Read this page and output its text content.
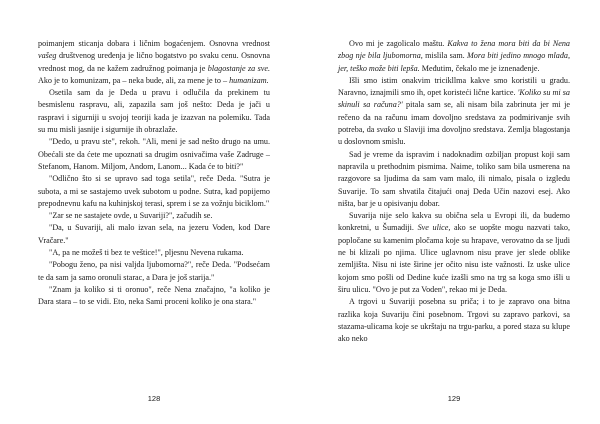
poimanjem sticanja dobara i ličnim bogaćenjem. Osnovna vrednost vašeg društvenog uređenja je lično bogatstvo po svaku cenu. Osnovna vrednost mog, da ne kažem zadružnog poimanja je blagostanje za sve. Ako je to komunizam, pa – neka bude, ali, za mene je to – humanizam.

Osetila sam da je Deda u pravu i odlučila da prekinem tu besmislenu raspravu, ali, zapazila sam još nešto: Deda je jači u raspravi i sigurniji u svojoj teoriji kada je izazvan na polemiku. Tada su mu misli jasnije i sigurnije ih obrazlaže.

"Dedo, u pravu ste", rekoh. "Ali, meni je sad nešto drugo na umu. Obećali ste da ćete me upoznati sa drugim osnivačima vaše Zadruge – Stefanom, Hanom. Miljom, Andom, Lanom... Kada će to biti?"

"Odlično što si se upravo sad toga setila", reče Deda. "Sutra je subota, a mi se sastajemo uvek subotom u podne. Sutra, kad popijemo prepodnevnu kafu na kuhinjskoj terasi, sprem i se za vožnju biciklom."

"Zar se ne sastajete ovde, u Suvariji?", začudih se.

"Da, u Suvariji, ali malo izvan sela, na jezeru Voden, kod Dare Vračare."

"A, pa ne možeš ti bez te veštice!", pljesnu Nevena rukama.

"Pobogu ženo, pa nisi valjda ljubomorna?", reče Deda. "Podsećam te da sam ja samo oronuli starac, a Dara je još starija."

"Znam ja koliko si ti oronuo", reče Nena značajno, "a koliko je Dara stara – to se vidi. Eto, neka Sami proceni koliko je ona stara."

128

Ovo mi je zagolicalo maštu. Kakva to žena mora biti da bi Nena zbog nje bila ljubomorna, mislila sam. Mora biti jedino mnogo mlađa, jer, teško može biti lepša. Međutim, čekalo me je iznenađenje.

Išli smo istim onakvim tricikllma kakve smo koristili u gradu. Naravno, iznajmili smo ih, opet koristeći lične kartice. 'Koliko su mi sa skinuli sa računa?' pitala sam se, ali nisam bila zabrinuta jer mi je rečeno da na računu imam dovoljno sredstava za podmirivanje svih potreba, da svako u Slaviji ima dovoljno sredstava. Zemlja blagostanja u doslovnom smislu.

Sad je vreme da ispravim i nadoknadim ozbiljan propust koji sam napravila u prethodnim pismima. Naime, toliko sam bila usmerena na razgovore sa ljudima da sam vam malo, ili nimalo, pisala o izgledu Suvarije. To sam shvatila čitajući onaj Deda Učin nazovi esej. Ako ništa, bar je u opisivanju dobar.

Suvarija nije selo kakva su obična sela u Evropi ili, da budemo konkretni, u Šumadiji. Sve ulice, ako se uopšte mogu nazvati tako, popločane su kamenim pločama koje su hrapave, verovatno da se ljudi ne bi klizali po njima. Ulice uglavnom nisu prave jer slede oblike zemljišta. Nisu ni iste širine jer očito nisu iste važnosti. Iz uske ulice kojom smo pošli od Dedine kuće izašli smo na trg sa koga smo išli u širu ulicu. "Ovo je put za Voden", rekao mi je Deda.

A trgovi u Suvariji posebna su priča; i to je zapravo ona bitna razlika koja Suvariju čini posebnom. Trgovi su zapravo parkovi, sa stazama-ulicama koje se ukrštaju na trgu-parku, a pored staza su klupe ako neko

129
